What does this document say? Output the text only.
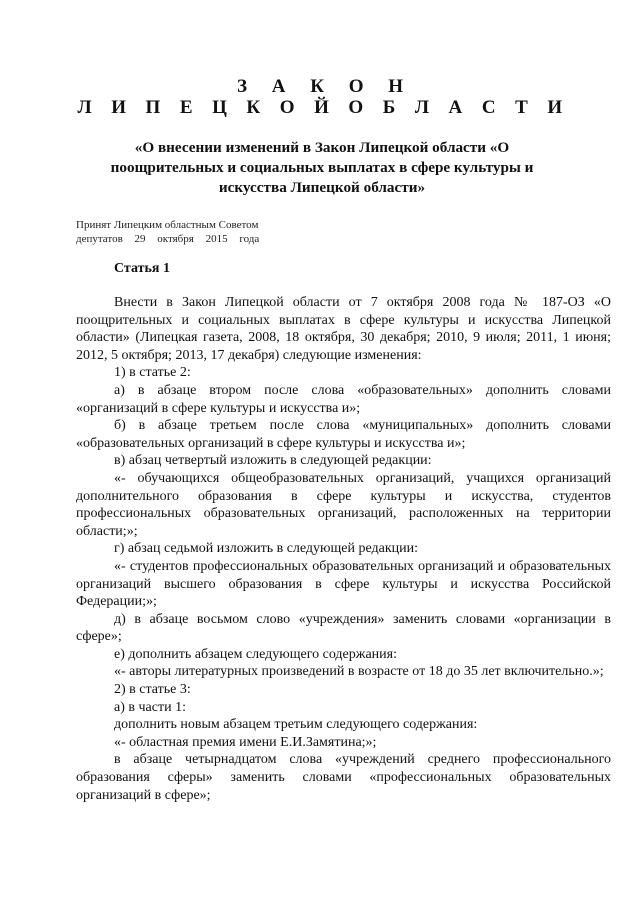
З А К О Н
Л И П Е Ц К О Й О Б Л А С Т И
«О внесении изменений в Закон Липецкой области «О поощрительных и социальных выплатах в сфере культуры и искусства Липецкой области»
Принят Липецким областным Советом
депутатов 29 октября 2015 года
Статья 1

Внести в Закон Липецкой области от 7 октября 2008 года № 187-ОЗ «О поощрительных и социальных выплатах в сфере культуры и искусства Липецкой области» (Липецкая газета, 2008, 18 октября, 30 декабря; 2010, 9 июля; 2011, 1 июня; 2012, 5 октября; 2013, 17 декабря) следующие изменения:

1) в статье 2:

а) в абзаце втором после слова «образовательных» дополнить словами «организаций в сфере культуры и искусства и»;

б) в абзаце третьем после слова «муниципальных» дополнить словами «образовательных организаций в сфере культуры и искусства и»;

в) абзац четвертый изложить в следующей редакции:

«- обучающихся общеобразовательных организаций, учащихся организаций дополнительного образования в сфере культуры и искусства, студентов профессиональных образовательных организаций, расположенных на территории области;»;

г) абзац седьмой изложить в следующей редакции:

«- студентов профессиональных образовательных организаций и образовательных организаций высшего образования в сфере культуры и искусства Российской Федерации;»;

д) в абзаце восьмом слово «учреждения» заменить словами «организации в сфере»;

е) дополнить абзацем следующего содержания:

«- авторы литературных произведений в возрасте от 18 до 35 лет включительно.»;

2) в статье 3:

а) в части 1:

дополнить новым абзацем третьим следующего содержания:

«- областная премия имени Е.И.Замятина;»;

в абзаце четырнадцатом слова «учреждений среднего профессионального образования сферы» заменить словами «профессиональных образовательных организаций в сфере»;
